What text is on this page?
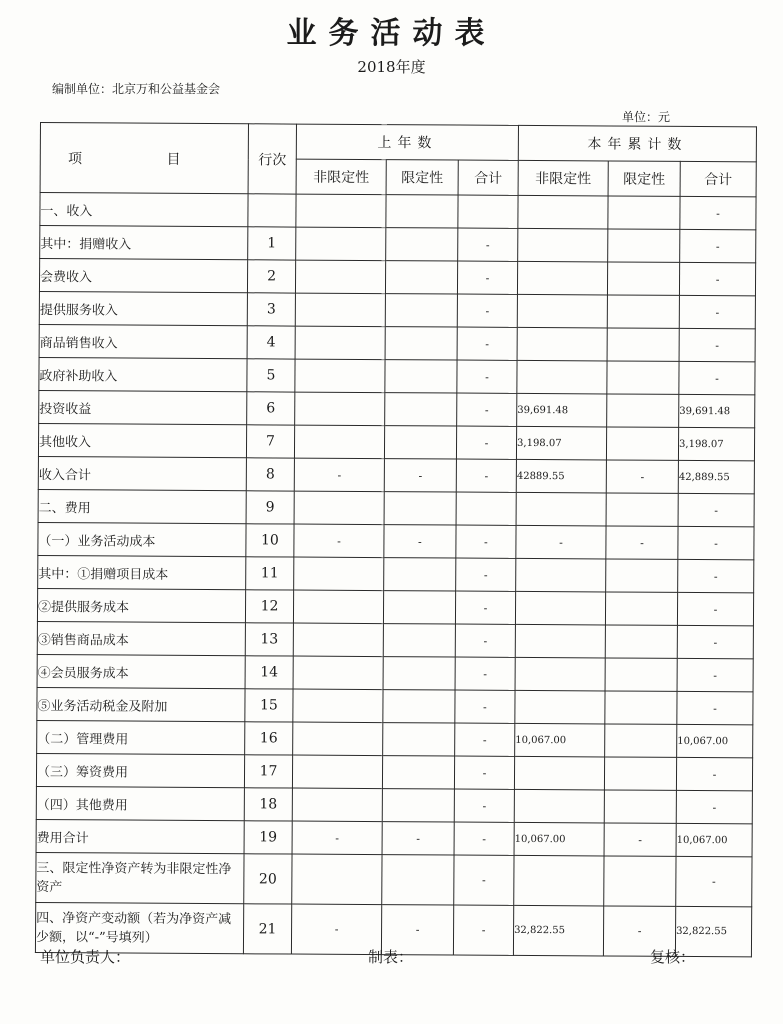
业务活动表
2018年度
编制单位：北京万和公益基金会
单位：元
项 目	行次	上年数			本年累计数		
		非限定性	限定性	合计	非限定性	限定性	合计
一、收入							-
其中：捐赠收入	1			-			-
会费收入	2			-			-
提供服务收入	3			-			-
商品销售收入	4			-			-
政府补助收入	5			-			-
投资收益	6			-	39,691.48		39,691.48
其他收入	7			-	3,198.07		3,198.07
收入合计	8	-	-	-	42889.55	-	42,889.55
二、费用	9						-
（一）业务活动成本	10	-	-	-	-	-	-
其中：①捐赠项目成本	11			-			-
②提供服务成本	12			-			-
③销售商品成本	13			-			-
④会员服务成本	14			-			-
⑤业务活动税金及附加	15			-			-
（二）管理费用	16			-	10,067.00		10,067.00
（三）筹资费用	17			-			-
（四）其他费用	18			-			-
费用合计	19	-	-	-	10,067.00	-	10,067.00
三、限定性净资产转为非限定性净资产	20			-			-
四、净资产变动额（若为净资产减少额，以“-”号填列）	21	-	-	-	32,822.55	-	32,822.55
单位负责人：	制表：	复核：
